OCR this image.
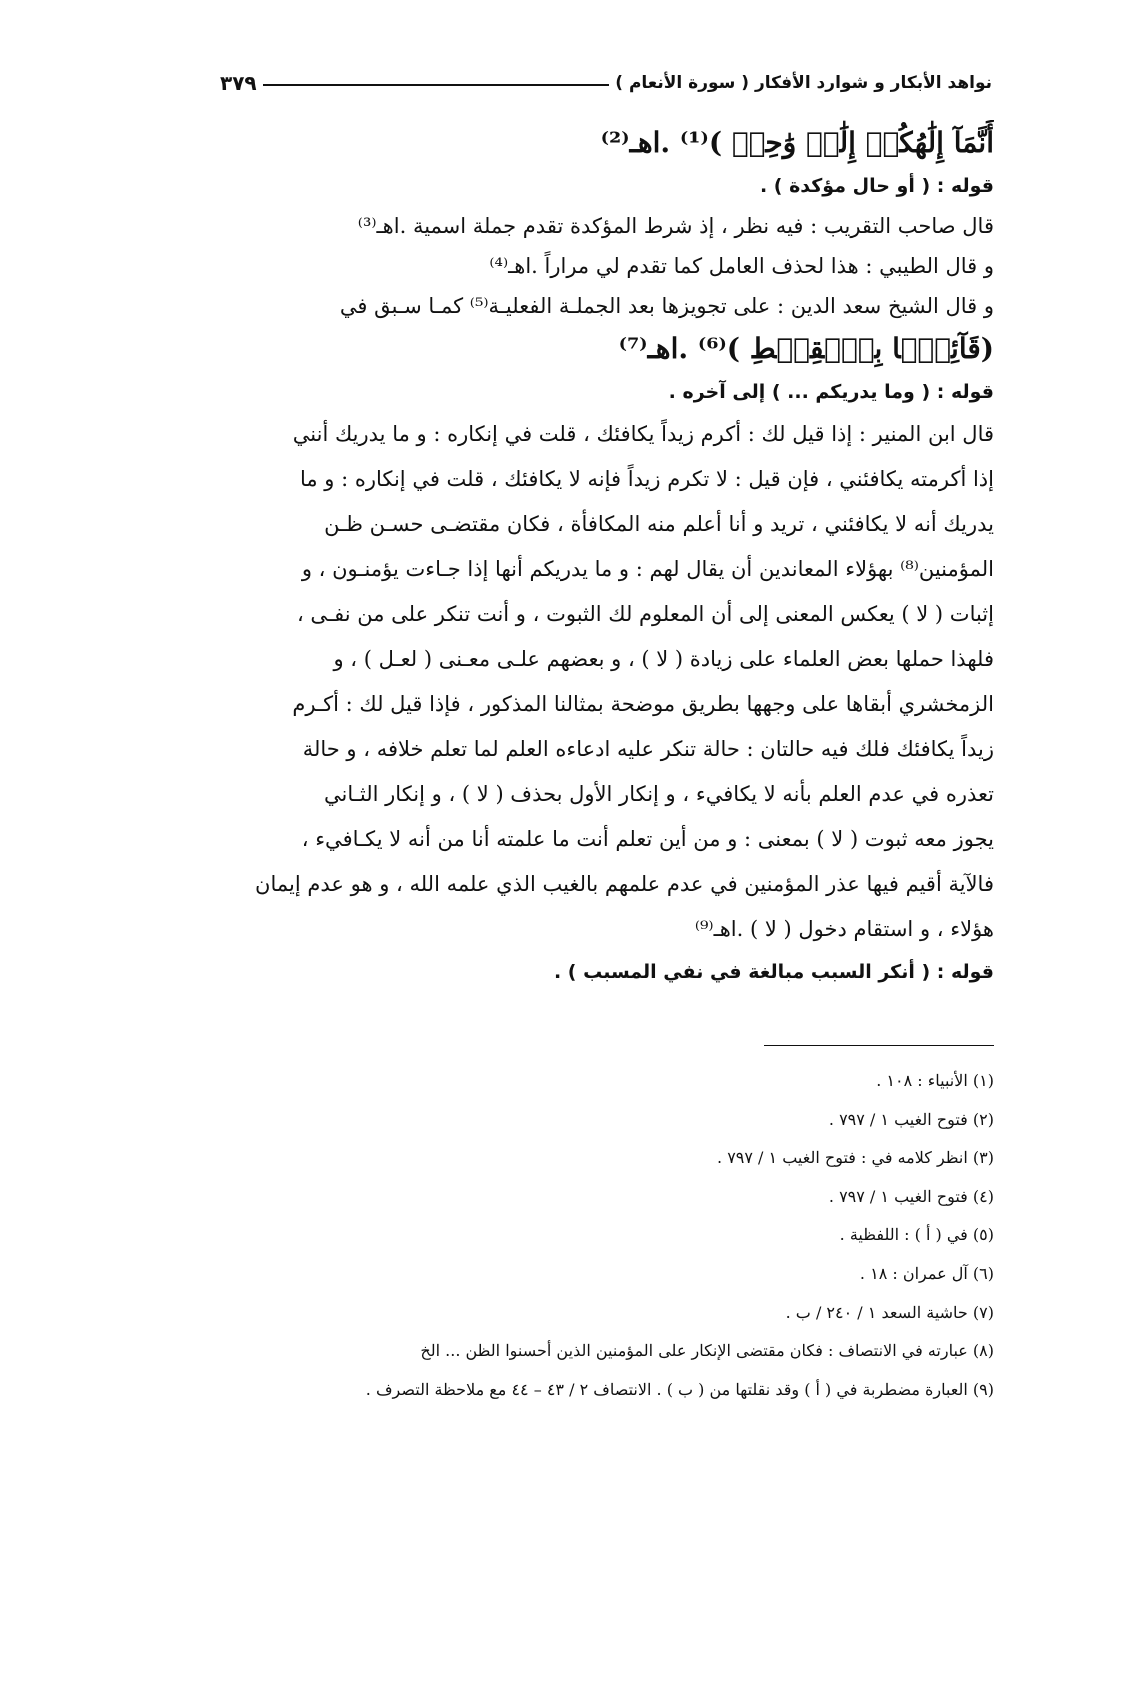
نواهد الأبكار و شوارد الأفكار ( سورة الأنعام )
٣٧٩
أَنَّمَآ إِلَٰهُكُمۡ إِلَٰهٞ وَٰحِدٞ )⁽¹⁾ .اهـ⁽²⁾
قوله : ( أو حال مؤكدة ) .
قال صاحب التقريب : فيه نظر ، إذ شرط المؤكدة تقدم جملة اسمية .اهـ⁽³⁾
و قال الطيبي : هذا لحذف العامل كما تقدم لي مراراً .اهـ⁽⁴⁾
و قال الشيخ سعد الدين : على تجويزها بعد الجملـة الفعليـة⁽⁵⁾ كمـا سـبق في
(قَآئِمَۢا بِٱلۡقِسۡطِ )⁽⁶⁾ .اهـ⁽⁷⁾
قوله : ( وما يدريكم ... ) إلى آخره .
قال ابن المنير : إذا قيل لك : أكرم زيداً يكافئك ، قلت في إنكاره : و ما يدريك أنني
إذا أكرمته يكافئني ، فإن قيل : لا تكرم زيداً فإنه لا يكافئك ، قلت في إنكاره : و ما
يدريك أنه لا يكافئني ، تريد و أنا أعلم منه المكافأة ، فكان مقتضـى حسـن ظـن
المؤمنين⁽⁸⁾ بهؤلاء المعاندين أن يقال لهم : و ما يدريكم أنها إذا جـاءت يؤمنـون ، و
إثبات ( لا ) يعكس المعنى إلى أن المعلوم لك الثبوت ، و أنت تنكر على من نفـى ،
فلهذا حملها بعض العلماء على زيادة ( لا ) ، و بعضهم علـى معـنى ( لعـل ) ، و
الزمخشري أبقاها على وجهها بطريق موضحة بمثالنا المذكور ، فإذا قيل لك : أكـرم
زيداً يكافئك فلك فيه حالتان : حالة تنكر عليه ادعاءه العلم لما تعلم خلافه ، و حالة
تعذره في عدم العلم بأنه لا يكافيء ، و إنكار الأول بحذف ( لا ) ، و إنكار الثـاني
يجوز معه ثبوت ( لا ) بمعنى : و من أين تعلم أنت ما علمته أنا من أنه لا يكـافيء ،
فالآية أقيم فيها عذر المؤمنين في عدم علمهم بالغيب الذي علمه الله ، و هو عدم إيمان
هؤلاء ، و استقام دخول ( لا ) .اهـ⁽⁹⁾
قوله : ( أنكر السبب مبالغة في نفي المسبب ) .
(١) الأنبياء : ١٠٨ .
(٢) فتوح الغيب ١ / ٧٩٧ .
(٣) انظر كلامه في : فتوح الغيب ١ / ٧٩٧ .
(٤) فتوح الغيب ١ / ٧٩٧ .
(٥) في ( أ ) : اللفظية .
(٦) آل عمران : ١٨ .
(٧) حاشية السعد ١ / ٢٤٠ / ب .
(٨) عبارته في الانتصاف : فكان مقتضى الإنكار على المؤمنين الذين أحسنوا الظن ... الخ
(٩) العبارة مضطربة في ( أ ) وقد نقلتها من ( ب ) . الانتصاف ٢ / ٤٣ – ٤٤ مع ملاحظة التصرف .
